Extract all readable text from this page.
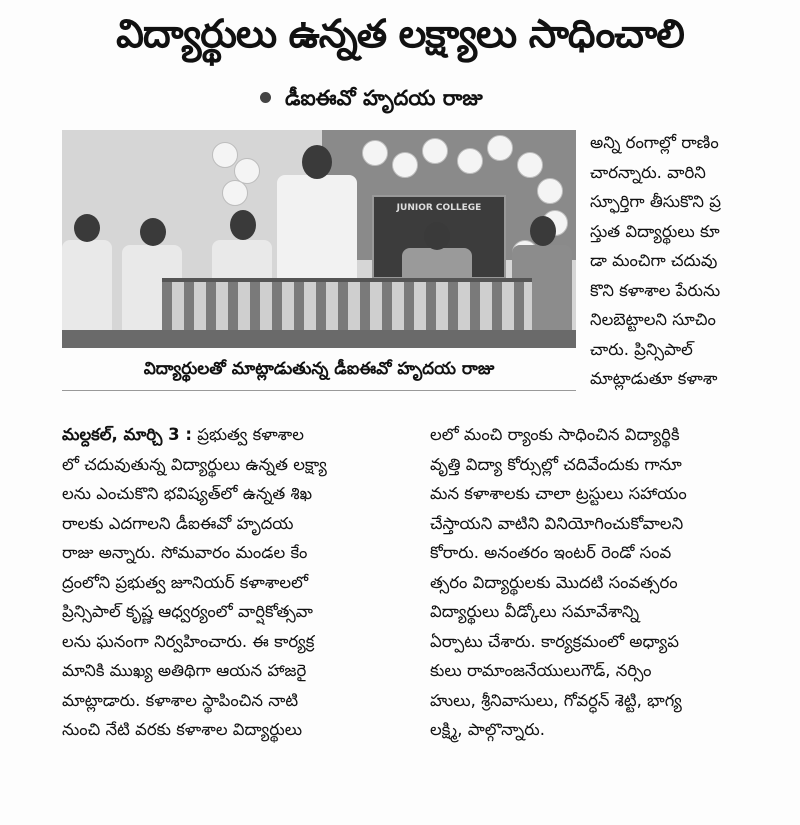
విద్యార్థులు ఉన్నత లక్ష్యాలు సాధించాలి
డీఐఈవో హృదయ రాజు
JUNIOR COLLEGE
విద్యార్థులతో మాట్లాడుతున్న డీఐఈవో హృదయ రాజు

అన్ని రంగాల్లో రాణిం

చారన్నారు. వారిని

స్ఫూర్తిగా తీసుకొని ప్ర

స్తుత విద్యార్థులు కూ

డా మంచిగా చదువు

కొని కళాశాల పేరును

నిలబెట్టాలని సూచిం

చారు. ప్రిన్సిపాల్

మాట్లాడుతూ కళాశా

మల్దకల్, మార్చి 3 : ప్రభుత్వ కళాశాల

లో చదువుతున్న విద్యార్థులు ఉన్నత లక్ష్యా

లను ఎంచుకొని భవిష్యత్‌లో ఉన్నత శిఖ

రాలకు ఎదగాలని డీఐఈవో హృదయ

రాజు అన్నారు. సోమవారం మండల కేం

ద్రంలోని ప్రభుత్వ జూనియర్ కళాశాలలో

ప్రిన్సిపాల్ కృష్ణ ఆధ్వర్యంలో వార్షికోత్సవా

లను ఘనంగా నిర్వహించారు. ఈ కార్యక్ర

మానికి ముఖ్య అతిథిగా ఆయన హాజరై

మాట్లాడారు. కళాశాల స్థాపించిన నాటి

నుంచి నేటి వరకు కళాశాల విద్యార్థులు

లలో మంచి ర్యాంకు సాధించిన విద్యార్థికి

వృత్తి విద్యా కోర్సుల్లో చదివేందుకు గానూ

మన కళాశాలకు చాలా ట్రస్టులు సహాయం

చేస్తాయని వాటిని వినియోగించుకోవాలని

కోరారు. అనంతరం ఇంటర్ రెండో సంవ

త్సరం విద్యార్థులకు మొదటి సంవత్సరం

విద్యార్థులు వీడ్కోలు సమావేశాన్ని

ఏర్పాటు చేశారు. కార్యక్రమంలో అధ్యాప

కులు రామాంజనేయులుగౌడ్, నర్సిం

హులు, శ్రీనివాసులు, గోవర్ధన్ శెట్టి, భాగ్య

లక్ష్మి, పాల్గొన్నారు.
